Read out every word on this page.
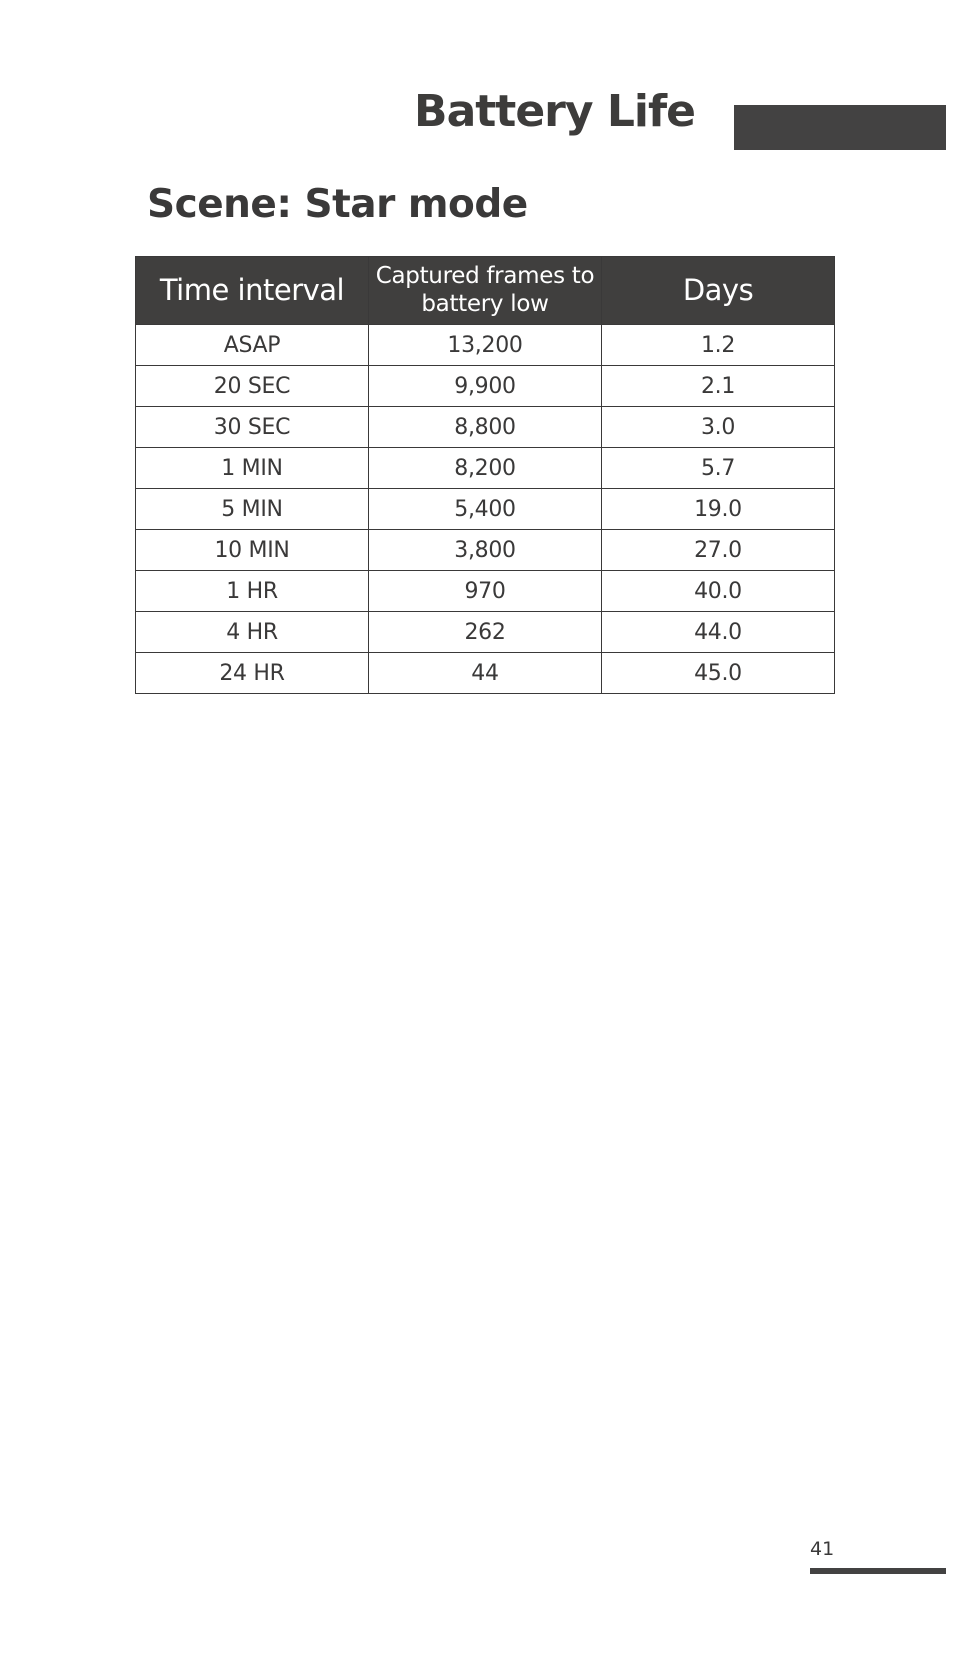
Battery Life
Scene: Star mode
Time interval	Captured frames to battery low	Days
ASAP	13,200	1.2
20 SEC	9,900	2.1
30 SEC	8,800	3.0
1 MIN	8,200	5.7
5 MIN	5,400	19.0
10 MIN	3,800	27.0
1 HR	970	40.0
4 HR	262	44.0
24 HR	44	45.0
41
